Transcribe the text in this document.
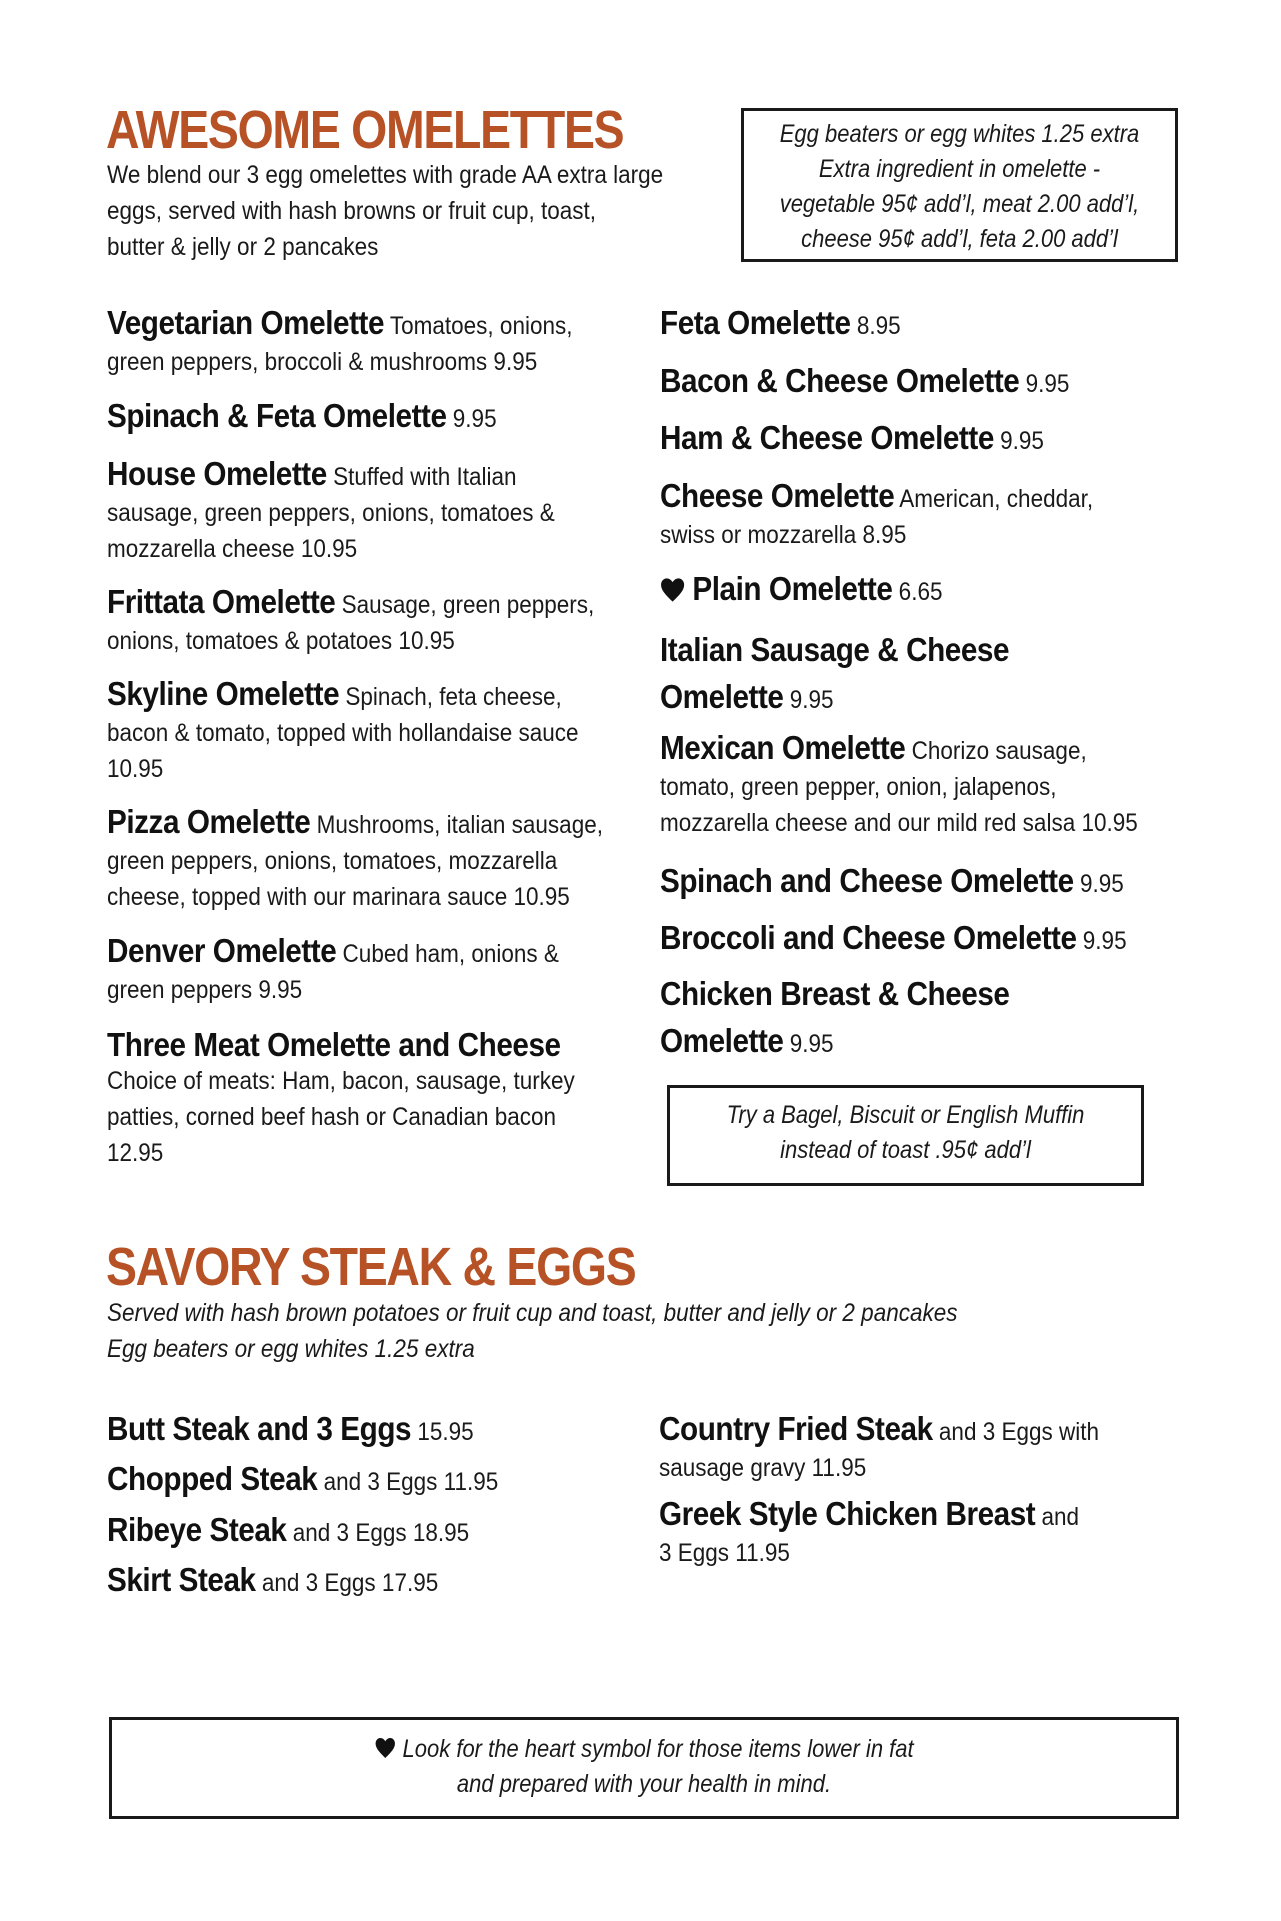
AWESOME OMELETTES
We blend our 3 egg omelettes with grade AA extra large
eggs, served with hash browns or fruit cup, toast,
butter & jelly or 2 pancakes
Egg beaters or egg whites 1.25 extra
Extra ingredient in omelette -
vegetable 95¢ add’l, meat 2.00 add’l,
cheese 95¢ add’l, feta 2.00 add’l
Vegetarian Omelette Tomatoes, onions, green peppers, broccoli & mushrooms 9.95
Spinach & Feta Omelette 9.95
House Omelette Stuffed with Italian sausage, green peppers, onions, tomatoes & mozzarella cheese 10.95
Frittata Omelette Sausage, green peppers, onions, tomatoes & potatoes 10.95
Skyline Omelette Spinach, feta cheese, bacon & tomato, topped with hollandaise sauce 10.95
Pizza Omelette Mushrooms, italian sausage, green peppers, onions, tomatoes, mozzarella cheese, topped with our marinara sauce 10.95
Denver Omelette Cubed ham, onions & green peppers 9.95
Three Meat Omelette and Cheese
Choice of meats: Ham, bacon, sausage, turkey patties, corned beef hash or Canadian bacon 12.95
Feta Omelette 8.95
Bacon & Cheese Omelette 9.95
Ham & Cheese Omelette 9.95
Cheese Omelette American, cheddar, swiss or mozzarella 8.95
Plain Omelette 6.65
Italian Sausage & Cheese Omelette 9.95
Mexican Omelette Chorizo sausage, tomato, green pepper, onion, jalapenos, mozzarella cheese and our mild red salsa 10.95
Spinach and Cheese Omelette 9.95
Broccoli and Cheese Omelette 9.95
Chicken Breast & Cheese Omelette 9.95
Try a Bagel, Biscuit or English Muffin
instead of toast .95¢ add’l
SAVORY STEAK & EGGS
Served with hash brown potatoes or fruit cup and toast, butter and jelly or 2 pancakes
Egg beaters or egg whites 1.25 extra
Butt Steak and 3 Eggs 15.95
Chopped Steak and 3 Eggs 11.95
Ribeye Steak and 3 Eggs 18.95
Skirt Steak and 3 Eggs 17.95
Country Fried Steak and 3 Eggs with sausage gravy 11.95
Greek Style Chicken Breast and 3 Eggs 11.95
Look for the heart symbol for those items lower in fat
and prepared with your health in mind.
